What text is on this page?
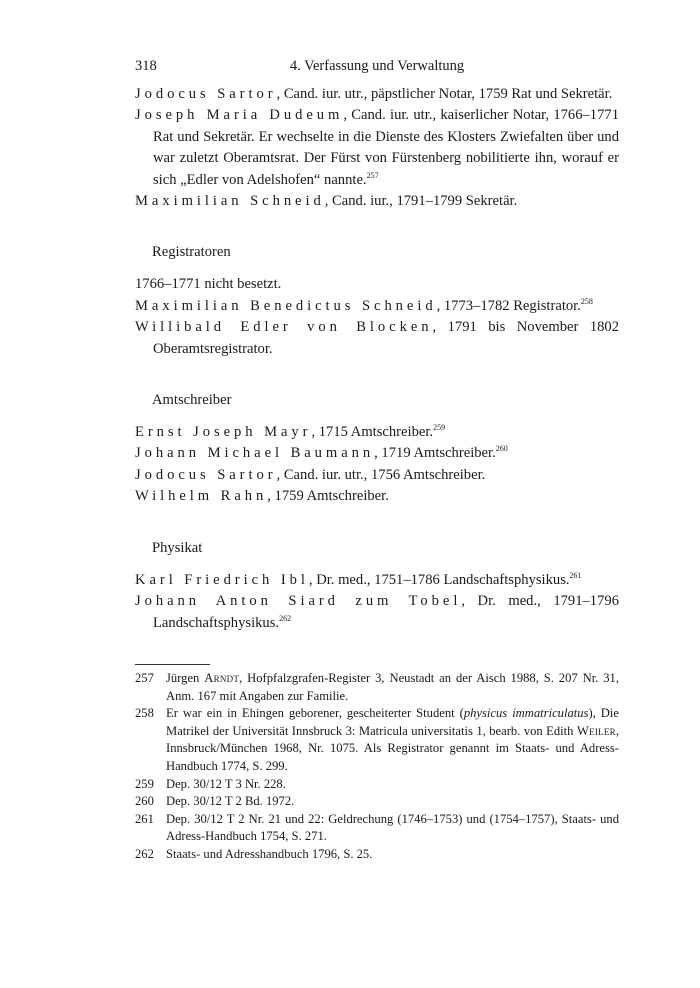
318	4. Verfassung und Verwaltung

Jodocus Sartor, Cand. iur. utr., päpstlicher Notar, 1759 Rat und Sekretär.

Joseph Maria Dudeum, Cand. iur. utr., kaiserlicher Notar, 1766–1771 Rat und Sekretär. Er wechselte in die Dienste des Klosters Zwiefalten über und war zuletzt Oberamtsrat. Der Fürst von Fürstenberg nobilitierte ihn, worauf er sich „Edler von Adelshofen“ nannte.$^{257}$

Maximilian Schneid, Cand. iur., 1791–1799 Sekretär.

Registratoren

1766–1771 nicht besetzt.

Maximilian Benedictus Schneid, 1773–1782 Registrator.$^{258}$

Willibald Edler von Blocken, 1791 bis November 1802 Oberamtsregistrator.

Amtschreiber

Ernst Joseph Mayr, 1715 Amtschreiber.$^{259}$

Johann Michael Baumann, 1719 Amtschreiber.$^{260}$

Jodocus Sartor, Cand. iur. utr., 1756 Amtschreiber.

Wilhelm Rahn, 1759 Amtschreiber.

Physikat

Karl Friedrich Ibl, Dr. med., 1751–1786 Landschaftsphysikus.$^{261}$

Johann Anton Siard zum Tobel, Dr. med., 1791–1796 Landschaftsphysikus.$^{262}$

257 Jürgen Arndt, Hofpfalzgrafen-Register 3, Neustadt an der Aisch 1988, S. 207 Nr. 31, Anm. 167 mit Angaben zur Familie.
258 Er war ein in Ehingen geborener, gescheiterter Student (physicus immatriculatus), Die Matrikel der Universität Innsbruck 3: Matricula universitatis 1, bearb. von Edith Weiler, Innsbruck/München 1968, Nr. 1075. Als Registrator genannt im Staats- und Adress-Handbuch 1774, S. 299.
259 Dep. 30/12 T 3 Nr. 228.
260 Dep. 30/12 T 2 Bd. 1972.
261 Dep. 30/12 T 2 Nr. 21 und 22: Geldrechung (1746–1753) und (1754–1757), Staats- und Adress-Handbuch 1754, S. 271.
262 Staats- und Adresshandbuch 1796, S. 25.
